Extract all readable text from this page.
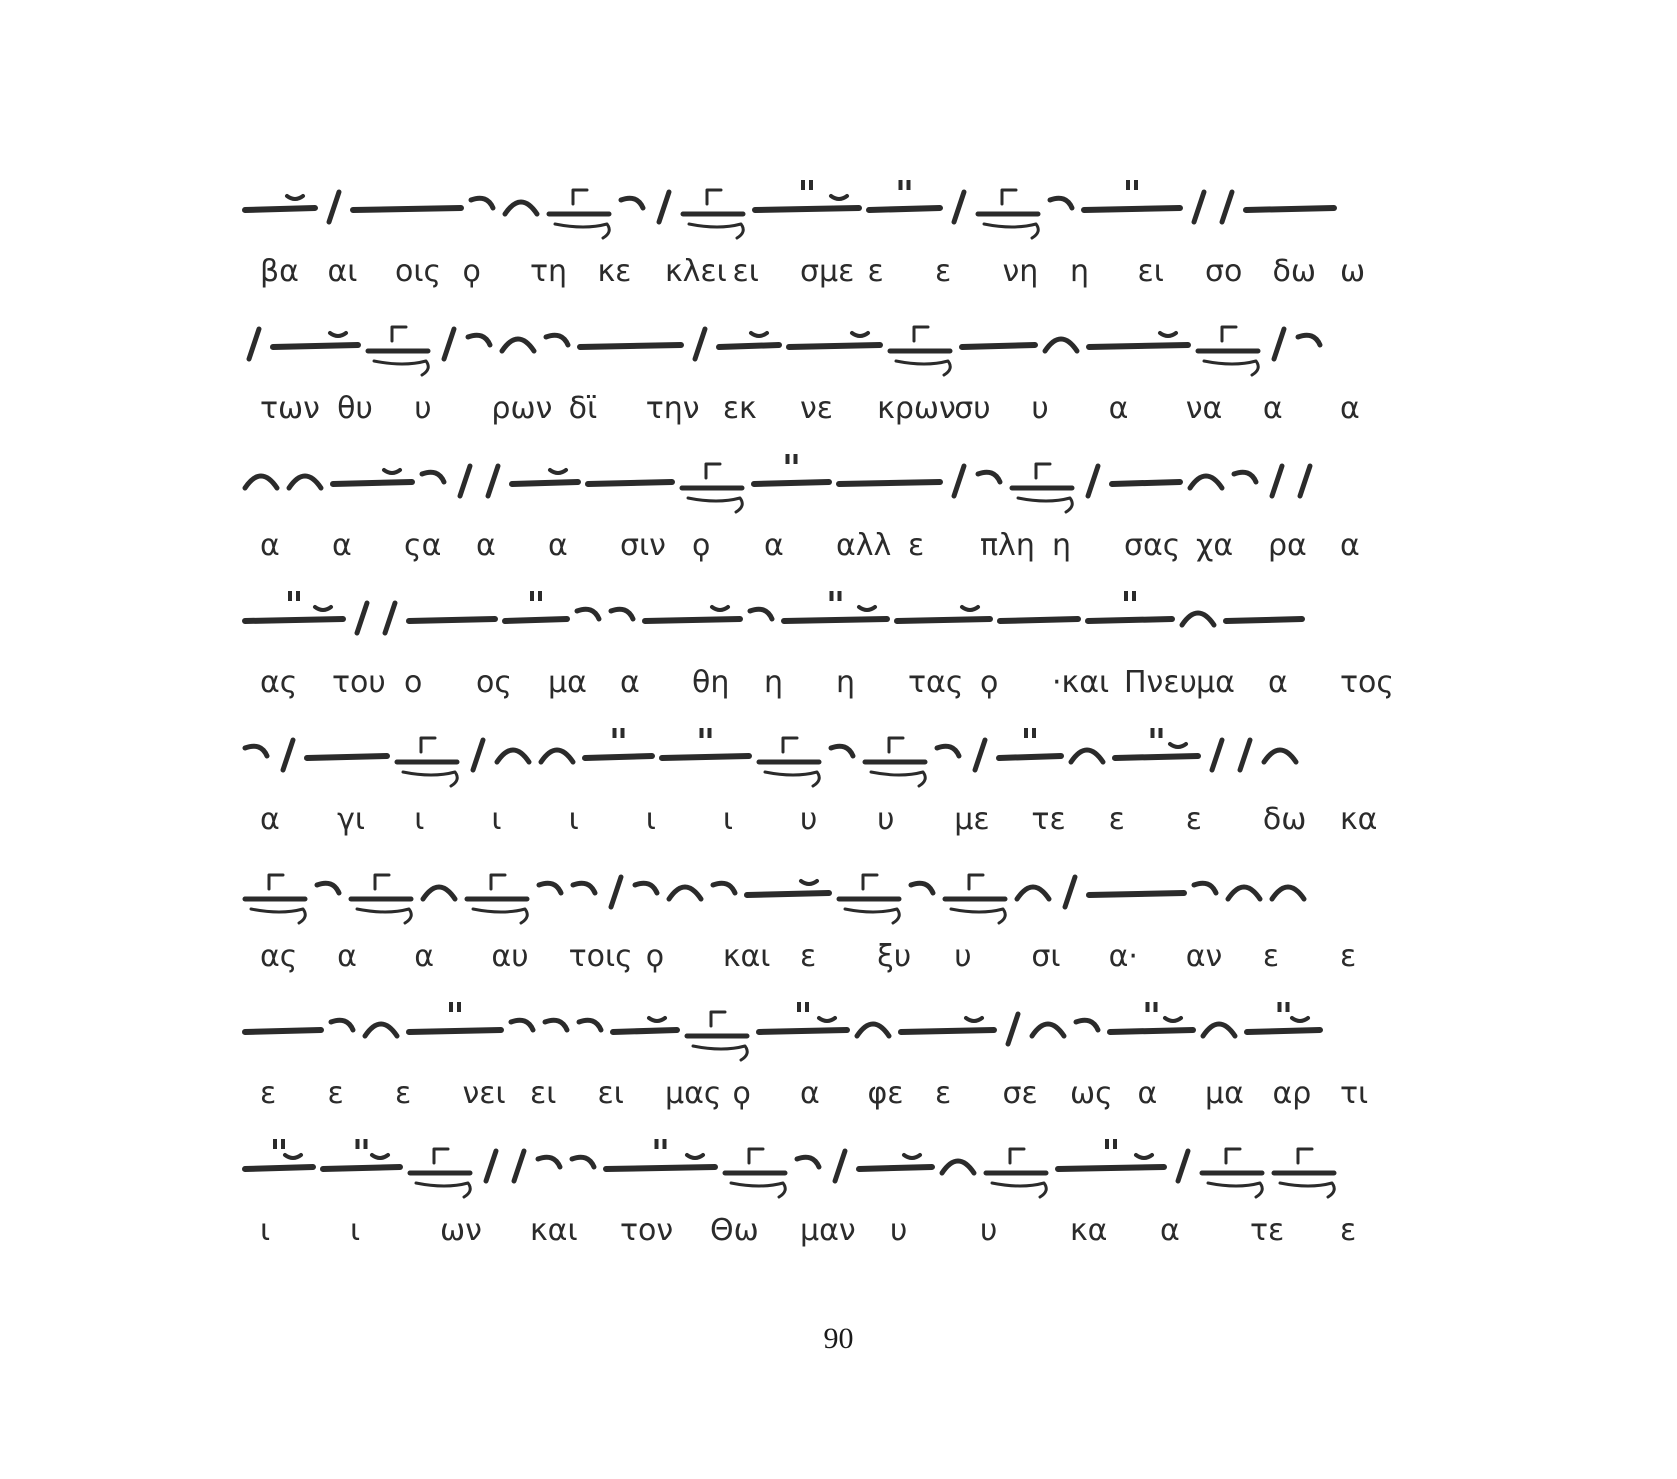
βα αι οις ϙ τη κε κλει ει σμε ε ε νη η ει σο δω ω
των θυ υ ρων δϊ την εκ νε κρων
συ υ α να α α
α α ςα α α σιν ϙ α αλλ ε πλη η σας χα ρα α
ας του ο ος μα α θη η η τας ϙ ·και Πνευ μα α τος
α γι ι ι ι ι ι υ υ με τε ε ε δω κα
ας α α αυ τοις ϙ και ε ξυ υ σι α· αν ε ε
ε ε ε νει ει ει μας ϙ α φε ε σε ως α μα αρ τι
ι	ι	ων και τον Θω μαν υ υ κα α τε ε
90
